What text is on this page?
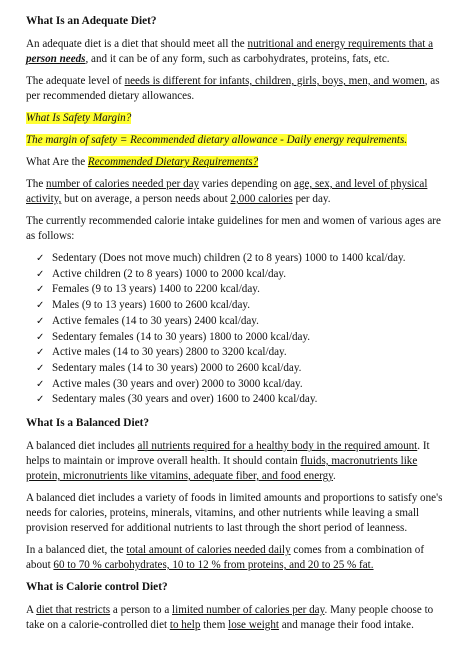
What Is an Adequate Diet?

An adequate diet is a diet that should meet all the nutritional and energy requirements that a person needs, and it can be of any form, such as carbohydrates, proteins, fats, etc.

The adequate level of needs is different for infants, children, girls, boys, men, and women, as per recommended dietary allowances.

What Is Safety Margin?

The margin of safety = Recommended dietary allowance - Daily energy requirements.

What Are the Recommended Dietary Requirements?

The number of calories needed per day varies depending on age, sex, and level of physical activity, but on average, a person needs about 2,000 calories per day.

The currently recommended calorie intake guidelines for men and women of various ages are as follows:

✓ Sedentary (Does not move much) children (2 to 8 years) 1000 to 1400 kcal/day.
✓ Active children (2 to 8 years) 1000 to 2000 kcal/day.
✓ Females (9 to 13 years) 1400 to 2200 kcal/day.
✓ Males (9 to 13 years) 1600 to 2600 kcal/day.
✓ Active females (14 to 30 years) 2400 kcal/day.
✓ Sedentary females (14 to 30 years) 1800 to 2000 kcal/day.
✓ Active males (14 to 30 years) 2800 to 3200 kcal/day.
✓ Sedentary males (14 to 30 years) 2000 to 2600 kcal/day.
✓ Active males (30 years and over) 2000 to 3000 kcal/day.
✓ Sedentary males (30 years and over) 1600 to 2400 kcal/day.
What Is a Balanced Diet?

A balanced diet includes all nutrients required for a healthy body in the required amount. It helps to maintain or improve overall health. It should contain fluids, macronutrients like protein, micronutrients like vitamins, adequate fiber, and food energy.

A balanced diet includes a variety of foods in limited amounts and proportions to satisfy one's needs for calories, proteins, minerals, vitamins, and other nutrients while leaving a small provision reserved for additional nutrients to last through the short period of leanness.

In a balanced diet, the total amount of calories needed daily comes from a combination of about 60 to 70 % carbohydrates, 10 to 12 % from proteins, and 20 to 25 % fat.

What is Calorie control Diet?

A diet that restricts a person to a limited number of calories per day. Many people choose to take on a calorie-controlled diet to help them lose weight and manage their food intake.
